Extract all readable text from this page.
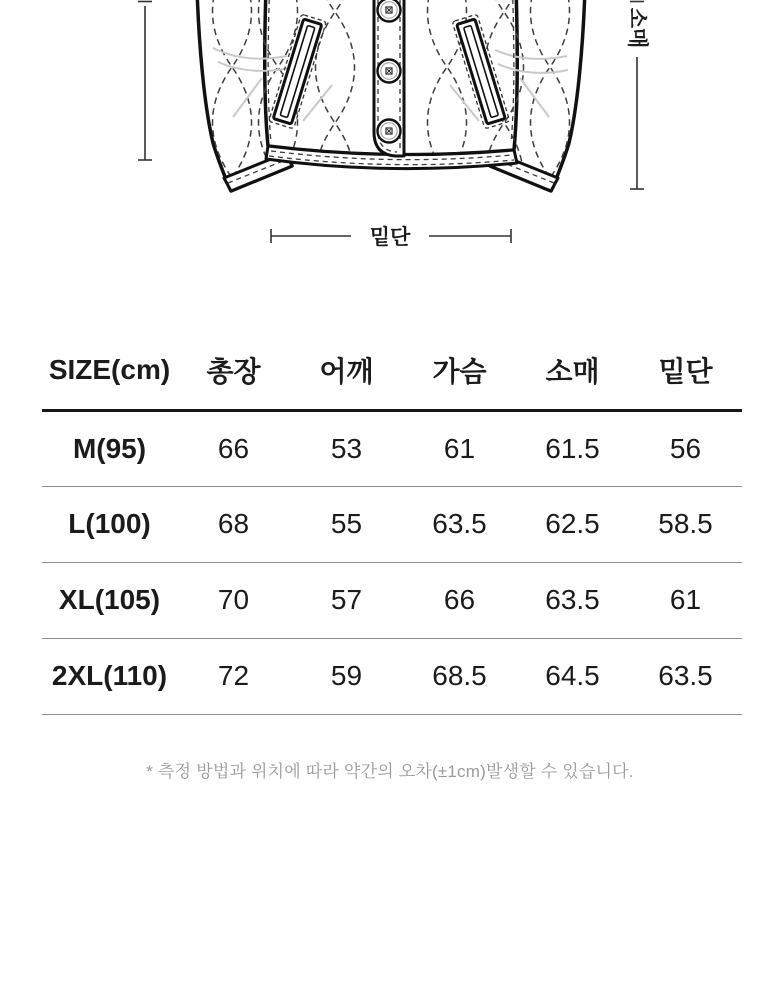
소매
밑단
SIZE(cm)	총장	어깨	가슴	소매	밑단
M(95)	66	53	61	61.5	56
L(100)	68	55	63.5	62.5	58.5
XL(105)	70	57	66	63.5	61
2XL(110)	72	59	68.5	64.5	63.5
* 측정 방법과 위치에 따라 약간의 오차(±1cm)발생할 수 있습니다.
